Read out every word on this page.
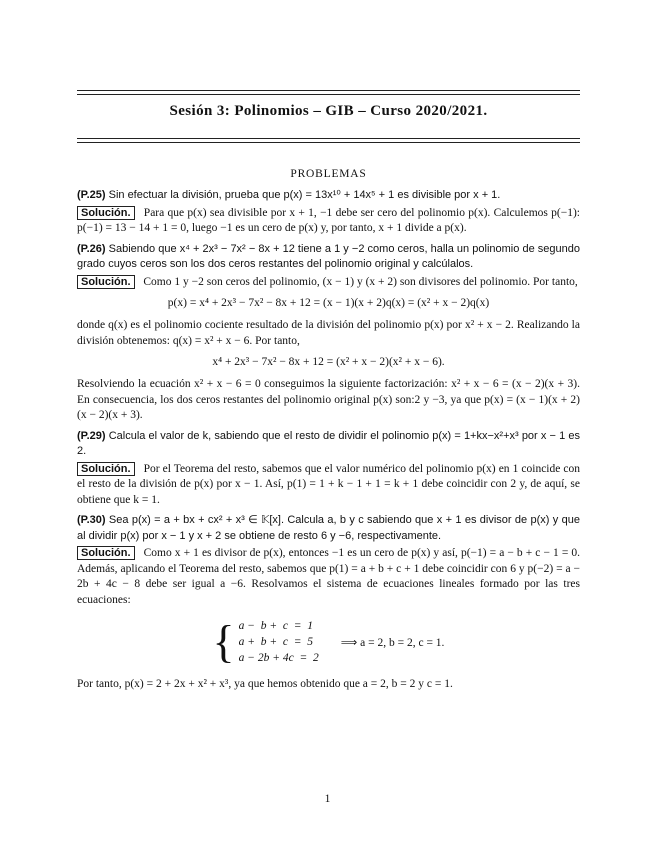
Sesión 3: Polinomios – GIB – Curso 2020/2021.
PROBLEMAS

(P.25) Sin efectuar la división, prueba que p(x) = 13x¹⁰ + 14x⁵ + 1 es divisible por x + 1.

Solución. Para que p(x) sea divisible por x + 1, −1 debe ser cero del polinomio p(x). Calculemos p(−1): p(−1) = 13 − 14 + 1 = 0, luego −1 es un cero de p(x) y, por tanto, x + 1 divide a p(x).

(P.26) Sabiendo que x⁴ + 2x³ − 7x² − 8x + 12 tiene a 1 y −2 como ceros, halla un polinomio de segundo grado cuyos ceros son los dos ceros restantes del polinomio original y calcúlalos.

Solución. Como 1 y −2 son ceros del polinomio, (x − 1) y (x + 2) son divisores del polinomio. Por tanto,

p(x) = x⁴ + 2x³ − 7x² − 8x + 12 = (x − 1)(x + 2)q(x) = (x² + x − 2)q(x)

donde q(x) es el polinomio cociente resultado de la división del polinomio p(x) por x² + x − 2. Realizando la división obtenemos: q(x) = x² + x − 6. Por tanto,

x⁴ + 2x³ − 7x² − 8x + 12 = (x² + x − 2)(x² + x − 6).

Resolviendo la ecuación x² + x − 6 = 0 conseguimos la siguiente factorización: x² + x − 6 = (x − 2)(x + 3). En consecuencia, los dos ceros restantes del polinomio original p(x) son:2 y −3, ya que p(x) = (x − 1)(x + 2)(x − 2)(x + 3).

(P.29) Calcula el valor de k, sabiendo que el resto de dividir el polinomio p(x) = 1+kx−x²+x³ por x − 1 es 2.

Solución. Por el Teorema del resto, sabemos que el valor numérico del polinomio p(x) en 1 coincide con el resto de la división de p(x) por x − 1. Así, p(1) = 1 + k − 1 + 1 = k + 1 debe coincidir con 2 y, de aquí, se obtiene que k = 1.

(P.30) Sea p(x) = a + bx + cx² + x³ ∈ 𝕂[x]. Calcula a, b y c sabiendo que x + 1 es divisor de p(x) y que al dividir p(x) por x − 1 y x + 2 se obtiene de resto 6 y −6, respectivamente.

Solución. Como x + 1 es divisor de p(x), entonces −1 es un cero de p(x) y así, p(−1) = a − b + c − 1 = 0. Además, aplicando el Teorema del resto, sabemos que p(1) = a + b + c + 1 debe coincidir con 6 y p(−2) = a − 2b + 4c − 8 debe ser igual a −6. Resolvamos el sistema de ecuaciones lineales formado por las tres ecuaciones:

{ a −  b +  c  =  1
a +  b +  c  =  5
a − 2b + 4c  =  2
⟹ a = 2, b = 2, c = 1.

Por tanto, p(x) = 2 + 2x + x² + x³, ya que hemos obtenido que a = 2, b = 2 y c = 1.

1
